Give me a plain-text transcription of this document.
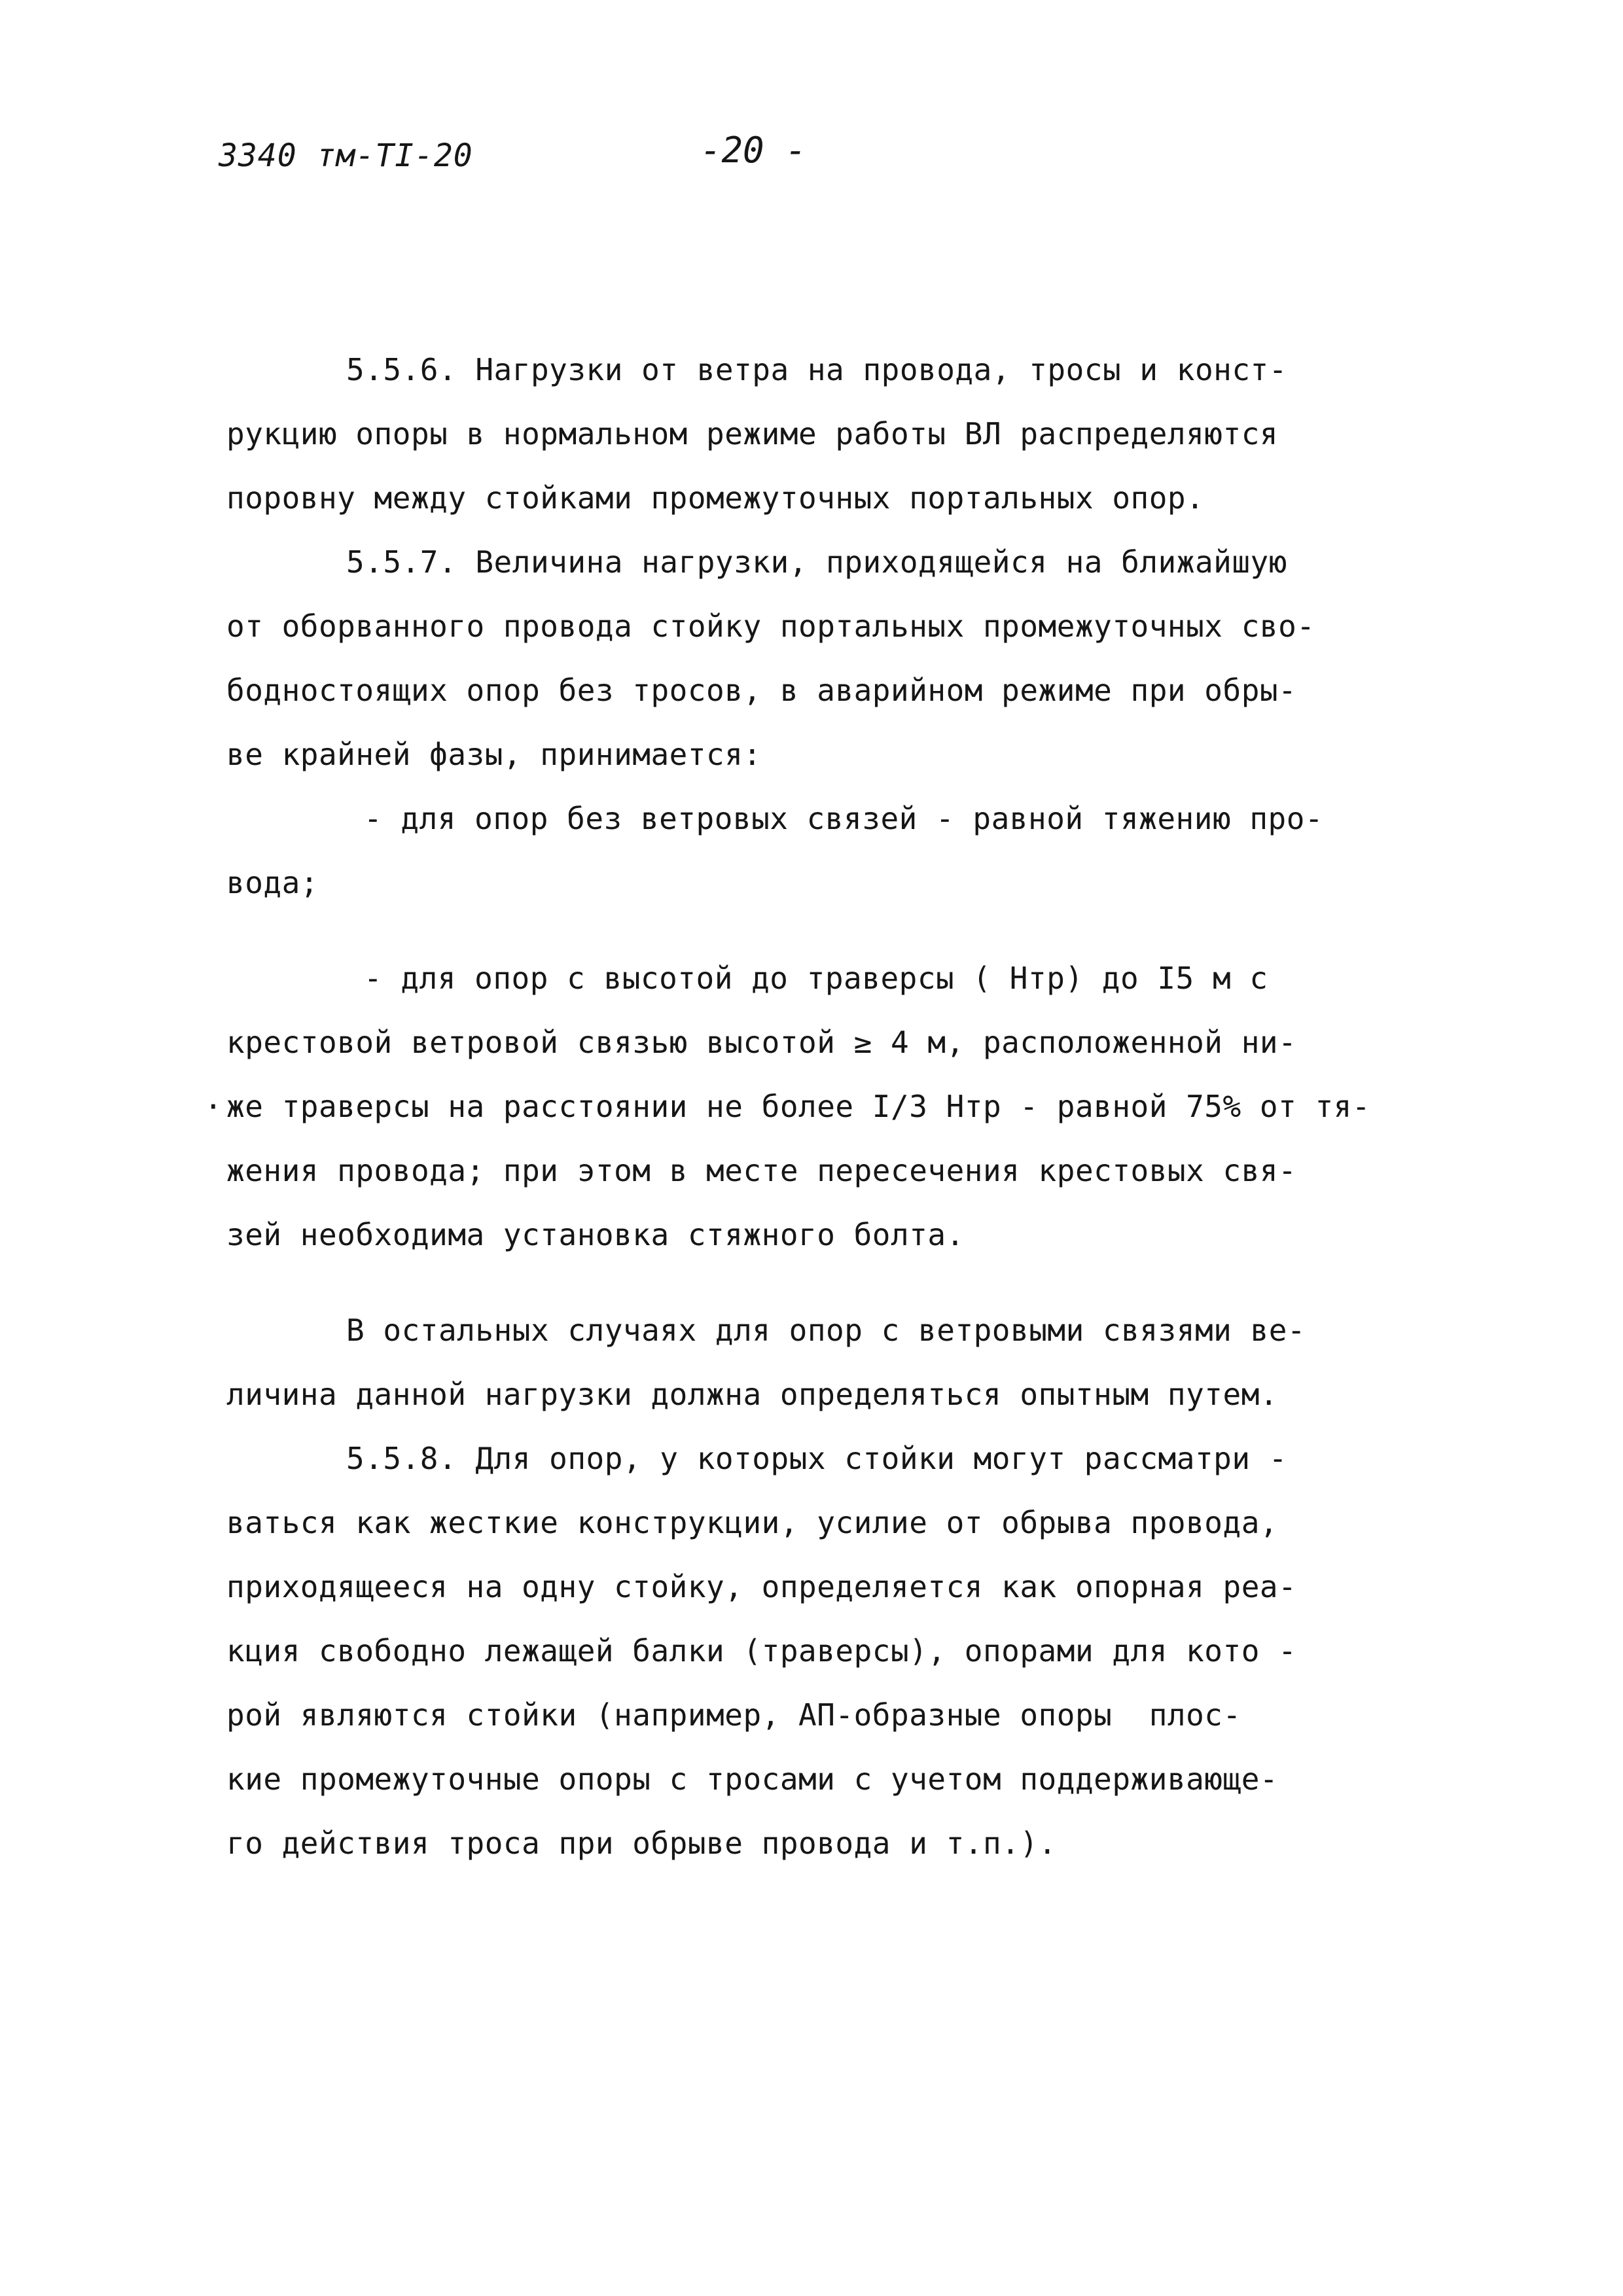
3340 тм-ТI-20	-20 -
5.5.6. Нагрузки от ветра на провода, тросы и конст-
рукцию опоры в нормальном режиме работы ВЛ распределяются
поровну между стойками промежуточных портальных опор.
5.5.7. Величина нагрузки, приходящейся на ближайшую
от оборванного провода стойку портальных промежуточных сво-
бодностоящих опор без тросов, в аварийном режиме при обры-
ве крайней фазы, принимается:
- для опор без ветровых связей - равной тяжению про-
вода;
- для опор с высотой до траверсы ( Hтр) до I5 м с
крестовой ветровой связью высотой ≥ 4 м, расположенной ни-
· же траверсы на расстоянии не более I/3 Hтр - равной 75% от тя-
жения провода; при этом в месте пересечения крестовых свя-
зей необходима установка стяжного болта.
В остальных случаях для опор с ветровыми связями ве-
личина данной нагрузки должна определяться опытным путем.
5.5.8. Для опор, у которых стойки могут рассматри -
ваться как жесткие конструкции, усилие от обрыва провода,
приходящееся на одну стойку, определяется как опорная реа-
кция свободно лежащей балки (траверсы), опорами для кото -
рой являются стойки (например, АП-образные опоры  плос-
кие промежуточные опоры с тросами с учетом поддерживающе-
го действия троса при обрыве провода и т.п.).
